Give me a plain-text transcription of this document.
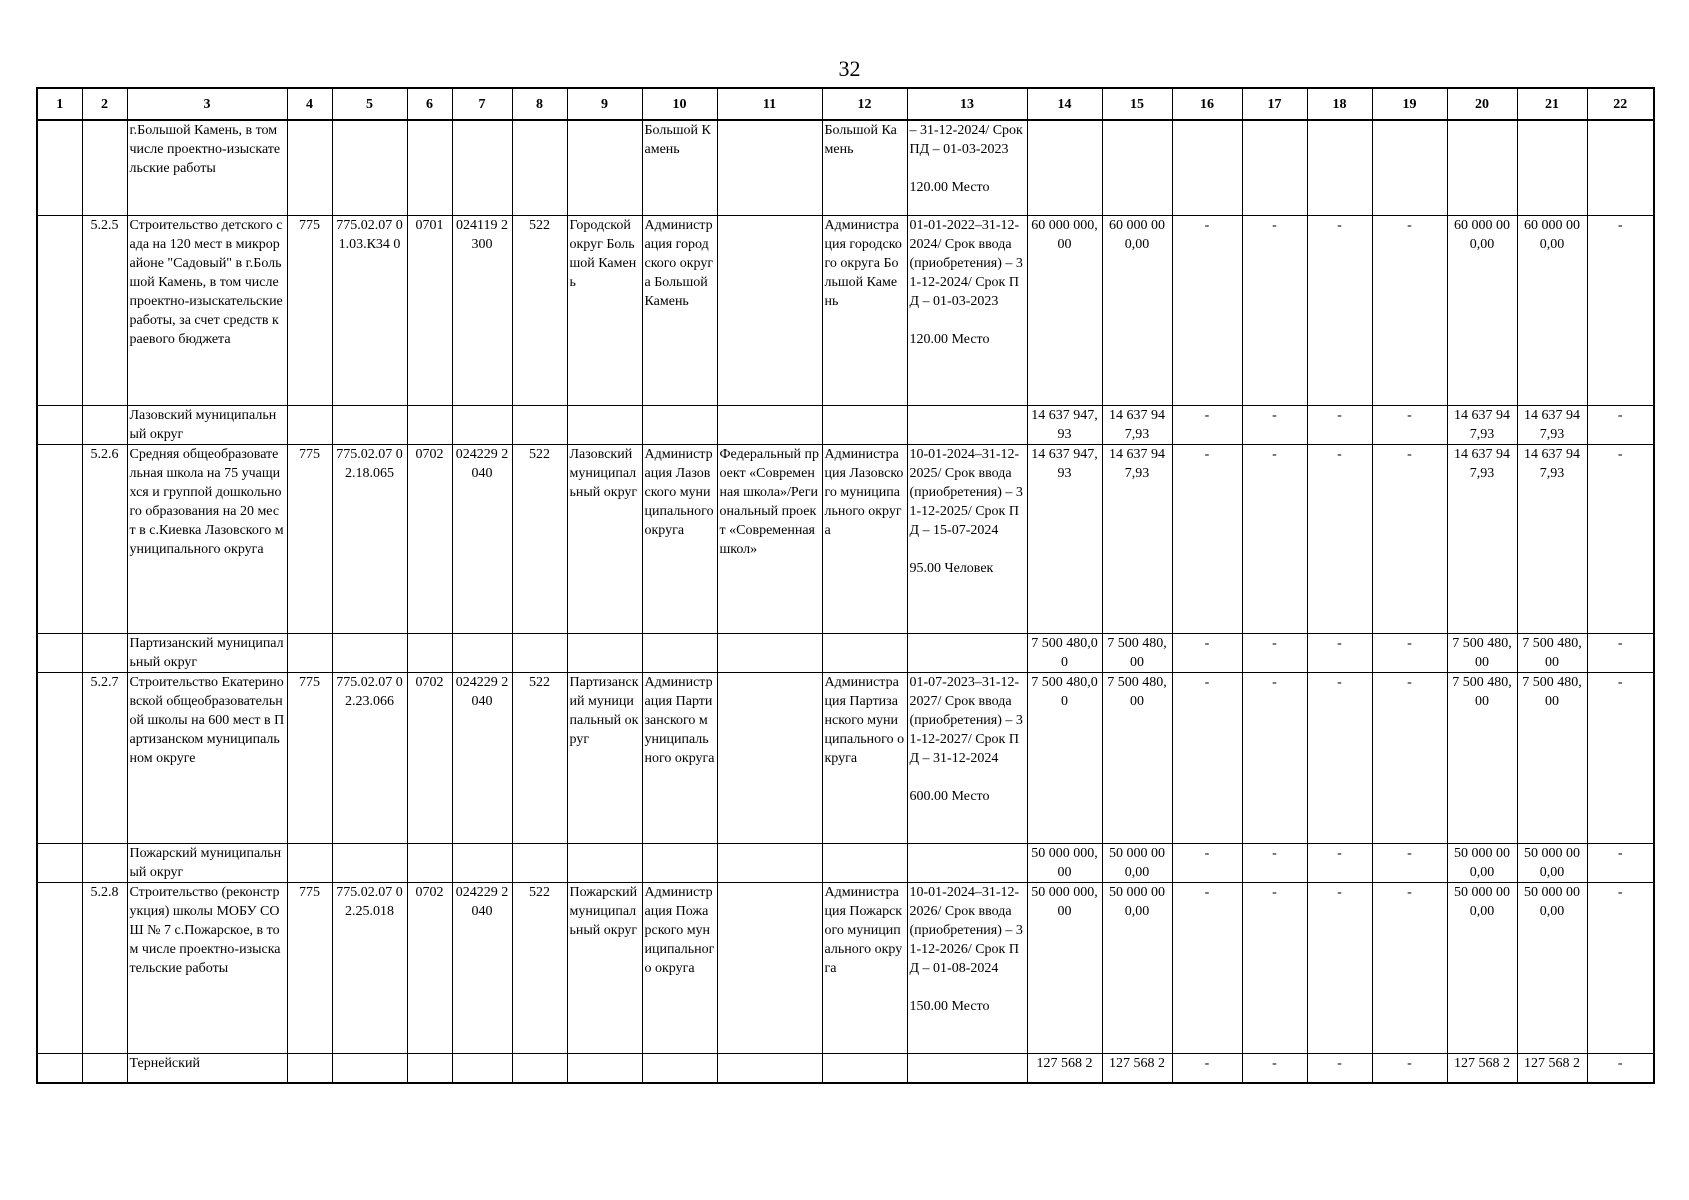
32
1	2	3	4	5	6	7	8	9	10	11	12	13	14	15	16	17	18	19	20	21	22
		г.Большой Камень, в том числе проектно-изыскательские работы							Большой Камень		Большой Камень	– 31-12-2024/ Срок ПД – 01-03-2023

120.00 Место									
	5.2.5	Строительство детского сада на 120 мест в микрорайоне "Садовый" в г.Большой Камень, в том числе проектно-изыскательские работы, за счет средств краевого бюджета	775	775.02.07 01.03.К34 0	0701	024119 2300	522	Городской округ Большой Камень	Администрация городского округа Большой Камень		Администрация городского округа Большой Камень	01-01-2022–31-12-2024/ Срок ввода (приобретения) – 31-12-2024/ Срок ПД – 01-03-2023

120.00 Место	60 000 000,00	60 000 000,00	-	-	-	-	60 000 000,00	60 000 000,00	-
		Лазовский муниципальный округ											14 637 947,93	14 637 947,93	-	-	-	-	14 637 947,93	14 637 947,93	-
	5.2.6	Средняя общеобразовательная школа на 75 учащихся и группой дошкольного образования на 20 мест в с.Киевка Лазовского муниципального округа	775	775.02.07 02.18.065	0702	024229 2040	522	Лазовский муниципальный округ	Администрация Лазовского муниципального округа	Федеральный проект «Современная школа»/Региональный проект «Современная школ»	Администрация Лазовского муниципального округа	10-01-2024–31-12-2025/ Срок ввода (приобретения) – 31-12-2025/ Срок ПД – 15-07-2024

95.00 Человек	14 637 947,93	14 637 947,93	-	-	-	-	14 637 947,93	14 637 947,93	-
		Партизанский муниципальный округ											7 500 480,00	7 500 480,00	-	-	-	-	7 500 480,00	7 500 480,00	-
	5.2.7	Строительство Екатериновской общеобразовательной школы на 600 мест в Партизанском муниципальном округе	775	775.02.07 02.23.066	0702	024229 2040	522	Партизанский муниципальный округ	Администрация Партизанского муниципального округа		Администрация Партизанского муниципального округа	01-07-2023–31-12-2027/ Срок ввода (приобретения) – 31-12-2027/ Срок ПД – 31-12-2024

600.00 Место	7 500 480,00	7 500 480,00	-	-	-	-	7 500 480,00	7 500 480,00	-
		Пожарский муниципальный округ											50 000 000,00	50 000 000,00	-	-	-	-	50 000 000,00	50 000 000,00	-
	5.2.8	Строительство (реконструкция) школы МОБУ СОШ № 7 с.Пожарское, в том числе проектно-изыскательские работы	775	775.02.07 02.25.018	0702	024229 2040	522	Пожарский муниципальный округ	Администрация Пожарского муниципального округа		Администрация Пожарского муниципального округа	10-01-2024–31-12-2026/ Срок ввода (приобретения) – 31-12-2026/ Срок ПД – 01-08-2024

150.00 Место	50 000 000,00	50 000 000,00	-	-	-	-	50 000 000,00	50 000 000,00	-
		Тернейский											127 568 2	127 568 2	-	-	-	-	127 568 2	127 568 2	-
